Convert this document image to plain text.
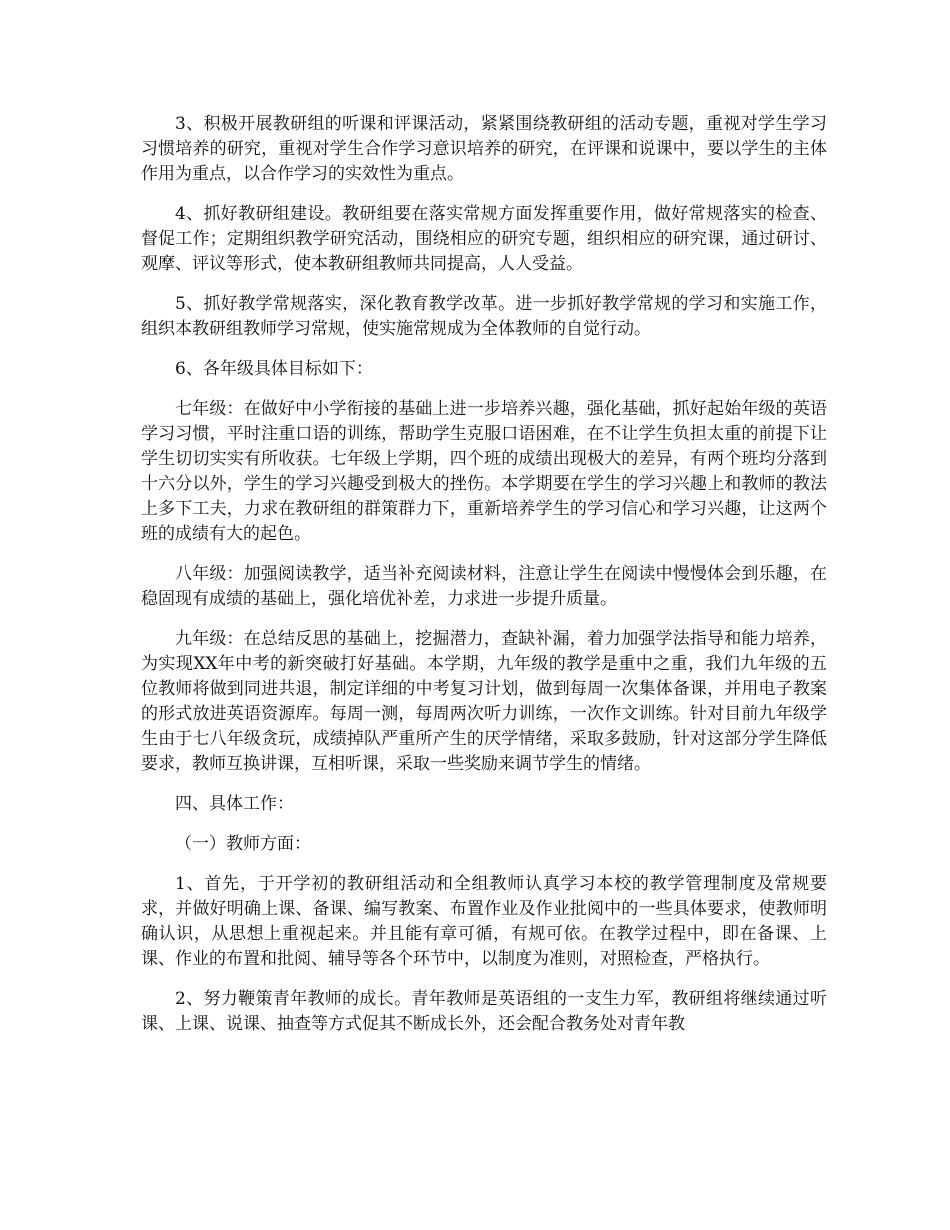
3、积极开展教研组的听课和评课活动，紧紧围绕教研组的活动专题，重视对学生学习习惯培养的研究，重视对学生合作学习意识培养的研究，在评课和说课中，要以学生的主体作用为重点，以合作学习的实效性为重点。

4、抓好教研组建设。教研组要在落实常规方面发挥重要作用，做好常规落实的检查、督促工作；定期组织教学研究活动，围绕相应的研究专题，组织相应的研究课，通过研讨、观摩、评议等形式，使本教研组教师共同提高，人人受益。

5、抓好教学常规落实，深化教育教学改革。进一步抓好教学常规的学习和实施工作，组织本教研组教师学习常规，使实施常规成为全体教师的自觉行动。

6、各年级具体目标如下：

七年级：在做好中小学衔接的基础上进一步培养兴趣，强化基础，抓好起始年级的英语学习习惯，平时注重口语的训练，帮助学生克服口语困难，在不让学生负担太重的前提下让学生切切实实有所收获。七年级上学期，四个班的成绩出现极大的差异，有两个班均分落到十六分以外，学生的学习兴趣受到极大的挫伤。本学期要在学生的学习兴趣上和教师的教法上多下工夫，力求在教研组的群策群力下，重新培养学生的学习信心和学习兴趣，让这两个班的成绩有大的起色。

八年级：加强阅读教学，适当补充阅读材料，注意让学生在阅读中慢慢体会到乐趣，在稳固现有成绩的基础上，强化培优补差，力求进一步提升质量。

九年级：在总结反思的基础上，挖掘潜力，查缺补漏，着力加强学法指导和能力培养，为实现XX年中考的新突破打好基础。本学期，九年级的教学是重中之重，我们九年级的五位教师将做到同进共退，制定详细的中考复习计划，做到每周一次集体备课，并用电子教案的形式放进英语资源库。每周一测，每周两次听力训练，一次作文训练。针对目前九年级学生由于七八年级贪玩，成绩掉队严重所产生的厌学情绪，采取多鼓励，针对这部分学生降低要求，教师互换讲课，互相听课，采取一些奖励来调节学生的情绪。

四、具体工作：

（一）教师方面：

1、首先，于开学初的教研组活动和全组教师认真学习本校的教学管理制度及常规要求，并做好明确上课、备课、编写教案、布置作业及作业批阅中的一些具体要求，使教师明确认识，从思想上重视起来。并且能有章可循，有规可依。在教学过程中，即在备课、上课、作业的布置和批阅、辅导等各个环节中，以制度为准则，对照检查，严格执行。

2、努力鞭策青年教师的成长。青年教师是英语组的一支生力军，教研组将继续通过听课、上课、说课、抽查等方式促其不断成长外，还会配合教务处对青年教
